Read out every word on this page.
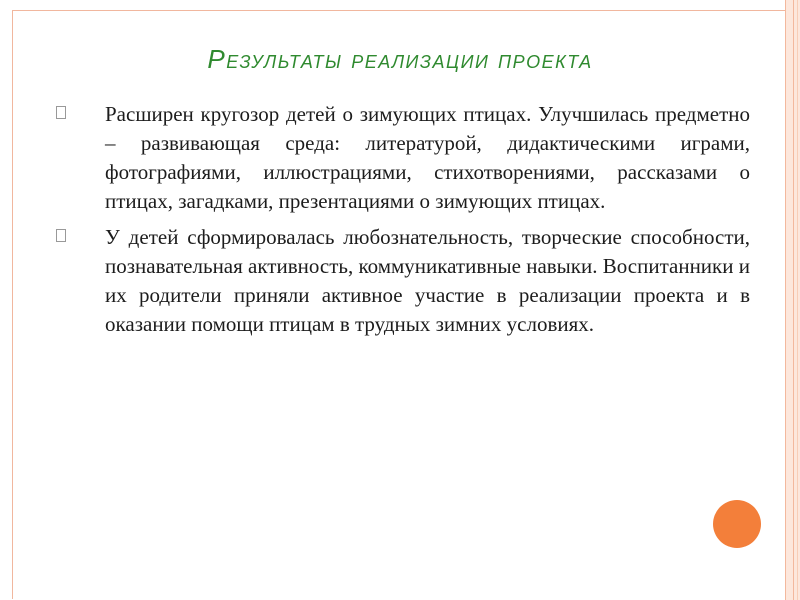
Результаты реализации проекта
Расширен кругозор детей о зимующих птицах. Улучшилась предметно – развивающая среда: литературой, дидактическими играми, фотографиями, иллюстрациями, стихотворениями, рассказами о птицах, загадками, презентациями о зимующих птицах.
У детей сформировалась любознательность, творческие способности, познавательная активность, коммуникативные навыки. Воспитанники и их родители приняли активное участие в реализации проекта и в оказании помощи птицам в трудных зимних условиях.
